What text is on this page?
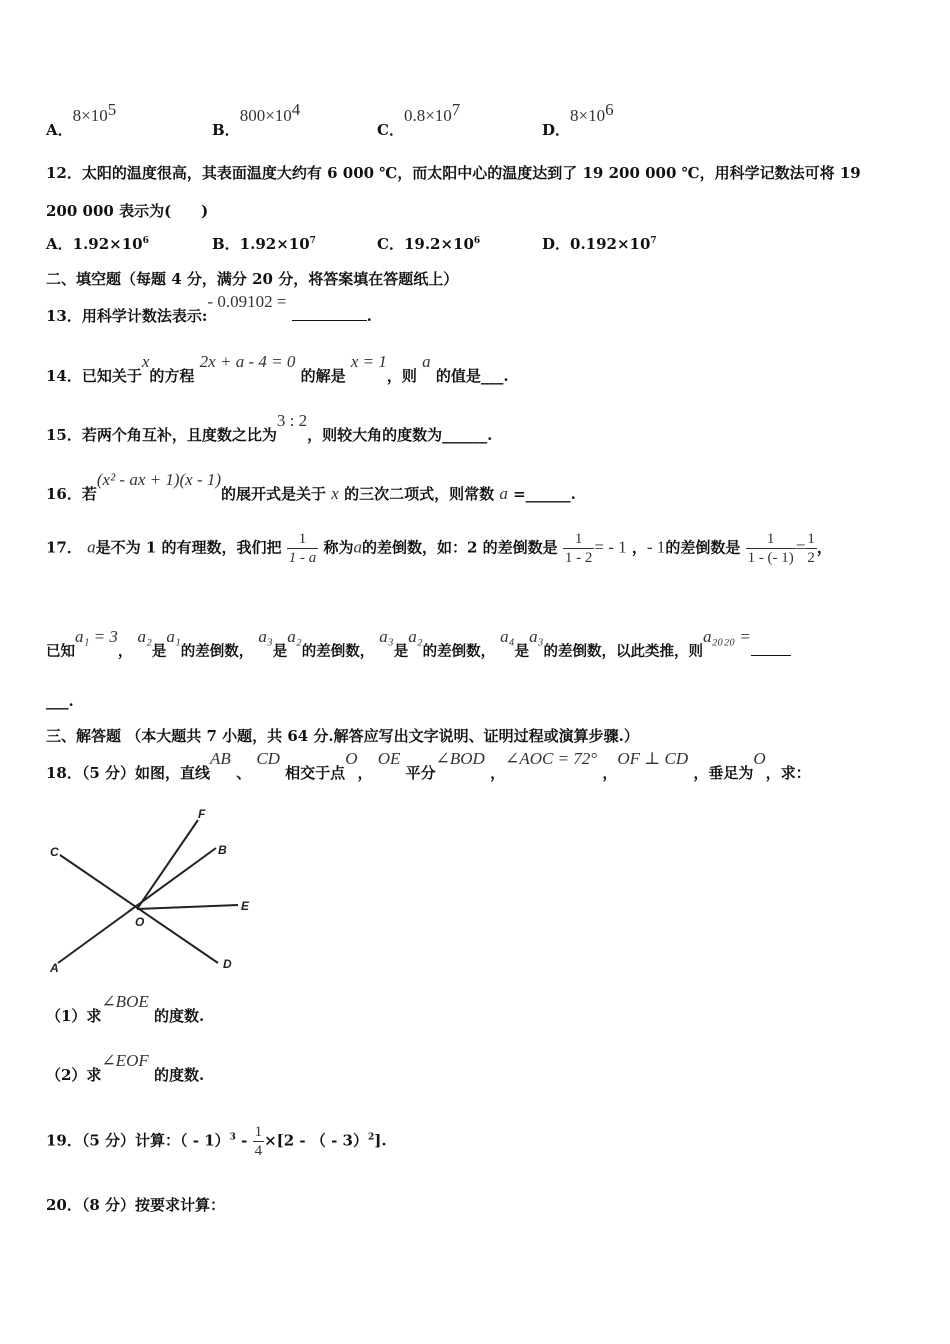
A．$8\times 10^5$
B．$800\times 10^4$
C．$0.8\times 10^7$
D．$8\times 10^6$
12．太阳的温度很高，其表面温度大约有 6 000 ℃，而太阳中心的温度达到了 19 200 000 ℃，用科学记数法可将 19
200 000 表示为(　　)
A．$1.92\times 10^6$	B．$1.92\times 10^7$	C．$19.2\times 10^6$	D．$0.192\times 10^7$
二、填空题（每题 4 分，满分 20 分，将答案填在答题纸上）
13．用科学计数法表示:- 0.09102 = .
14．已知关于x的方程 2x + a - 4 = 0 的解是 x = 1，则 a 的值是___.
15．若两个角互补，且度数之比为3 : 2，则较大角的度数为______.
16．若(x² - ax + 1)(x - 1)的展开式是关于 x 的三次二项式，则常数 a =______.
17． a是不为 1 的有理数，我们把 $\frac{1}{1 - a}$ 称为a的差倒数，如：2 的差倒数是 $\frac{1}{1 - 2}$ = - 1 ，- 1的差倒数是 $\frac{1}{1 - (- 1)} = \frac{1}{2}$ ，
已知a₁ = 3， a₂是a₁的差倒数， a₃是a₂的差倒数， a₃是a₂的差倒数， a₄是a₃的差倒数，以此类推，则a₂₀₂₀ =
___.
三、解答题 （本大题共 7 小题，共 64 分.解答应写出文字说明、证明过程或演算步骤.）
18．（5 分）如图，直线AB 、 CD 相交于点O， OE 平分∠BOD ，∠AOC = 72° ，OF ⊥ CD ，垂足为O，求：
C
F
B
E
O
A	D
（1）求∠BOE 的度数.
（2）求∠EOF 的度数.
19．（5 分）计算：（ - $1)^3 - \frac{1}{4} \times[2$ - （ - 3）$^2$].
20．（8 分）按要求计算：
